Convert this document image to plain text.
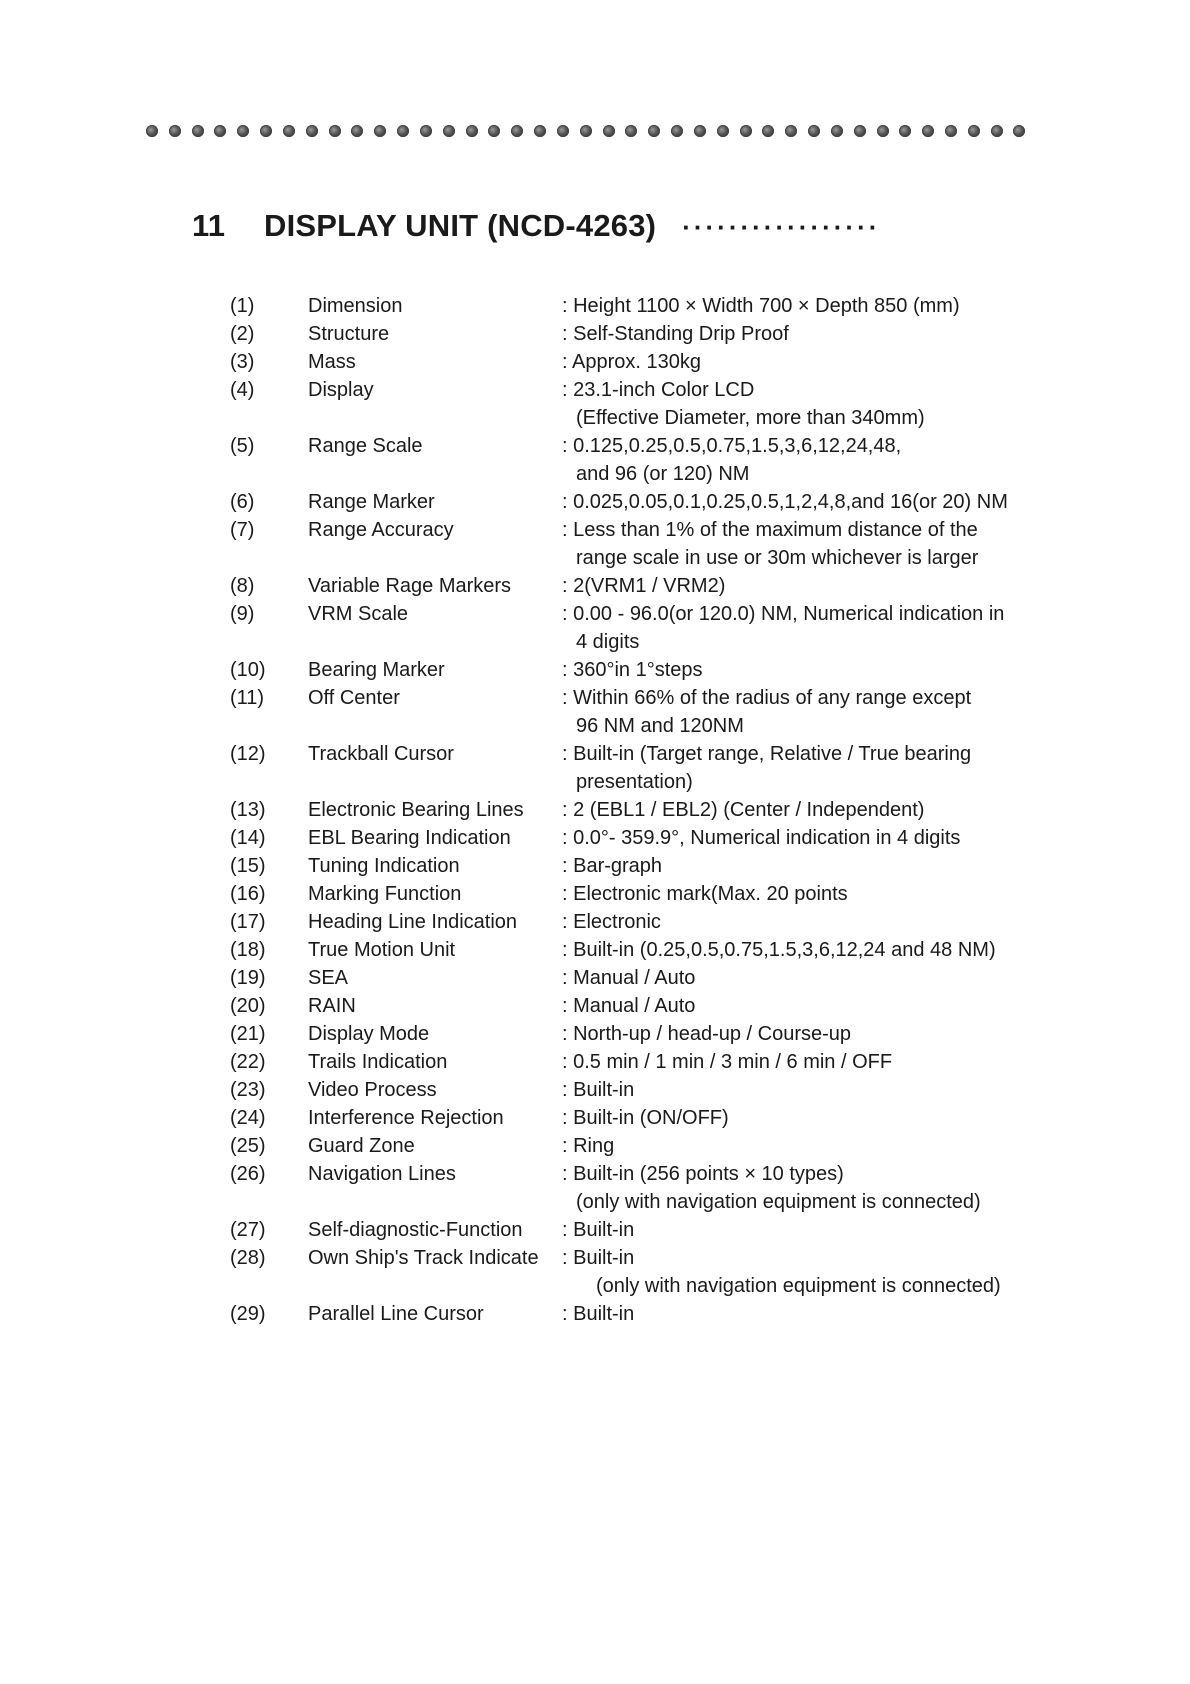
11	DISPLAY UNIT (NCD-4263) ·················
(1)	Dimension	: Height 1100 × Width 700 × Depth 850 (mm)
(2)	Structure	: Self-Standing Drip Proof
(3)	Mass	: Approx. 130kg
(4)	Display	: 23.1-inch Color LCD
(Effective Diameter, more than 340mm)
(5)	Range Scale	: 0.125,0.25,0.5,0.75,1.5,3,6,12,24,48,
and 96 (or 120) NM
(6)	Range Marker	: 0.025,0.05,0.1,0.25,0.5,1,2,4,8,and 16(or 20) NM
(7)	Range Accuracy	: Less than 1% of the maximum distance of the
range scale in use or 30m whichever is larger
(8)	Variable Rage Markers	: 2(VRM1 / VRM2)
(9)	VRM Scale	: 0.00 - 96.0(or 120.0) NM, Numerical indication in
4 digits
(10)	Bearing Marker	: 360°in 1°steps
(11)	Off Center	: Within 66% of the radius of any range except
96 NM and 120NM
(12)	Trackball Cursor	: Built-in (Target range, Relative / True bearing
presentation)
(13)	Electronic Bearing Lines	: 2 (EBL1 / EBL2) (Center / Independent)
(14)	EBL Bearing Indication	: 0.0°- 359.9°, Numerical indication in 4 digits
(15)	Tuning Indication	: Bar-graph
(16)	Marking Function	: Electronic mark(Max. 20 points
(17)	Heading Line Indication	: Electronic
(18)	True Motion Unit	: Built-in (0.25,0.5,0.75,1.5,3,6,12,24 and 48 NM)
(19)	SEA	: Manual / Auto
(20)	RAIN	: Manual / Auto
(21)	Display Mode	: North-up / head-up / Course-up
(22)	Trails Indication	: 0.5 min / 1 min / 3 min / 6 min / OFF
(23)	Video Process	: Built-in
(24)	Interference Rejection	: Built-in (ON/OFF)
(25)	Guard Zone	: Ring
(26)	Navigation Lines	: Built-in (256 points × 10 types)
(only with navigation equipment is connected)
(27)	Self-diagnostic-Function	: Built-in
(28)	Own Ship's Track Indicate	: Built-in
(only with navigation equipment is connected)
(29)	Parallel Line Cursor	: Built-in
